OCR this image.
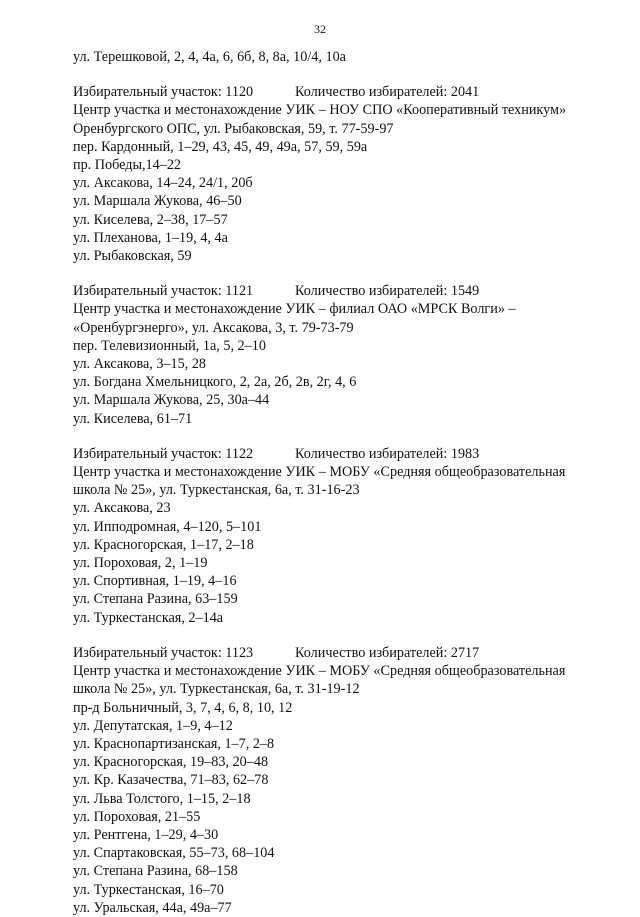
32
ул. Терешковой, 2, 4, 4а, 6, 6б, 8, 8а, 10/4, 10а
Избирательный участок: 1120	Количество избирателей: 2041
Центр участка и местонахождение УИК – НОУ СПО «Кооперативный техникум»
Оренбургского ОПС, ул. Рыбаковская, 59, т. 77-59-97
пер. Кардонный, 1–29, 43, 45, 49, 49а, 57, 59, 59а
пр. Победы,14–22
ул. Аксакова, 14–24, 24/1, 20б
ул. Маршала Жукова, 46–50
ул. Киселева, 2–38, 17–57
ул. Плеханова, 1–19, 4, 4а
ул. Рыбаковская, 59
Избирательный участок: 1121	Количество избирателей: 1549
Центр участка и местонахождение УИК – филиал ОАО «МРСК Волги» –
«Оренбургэнерго», ул. Аксакова, 3, т. 79-73-79
пер. Телевизионный, 1а, 5, 2–10
ул. Аксакова, 3–15, 28
ул. Богдана Хмельницкого, 2, 2а, 2б, 2в, 2г, 4, 6
ул. Маршала Жукова, 25, 30а–44
ул. Киселева, 61–71
Избирательный участок: 1122	Количество избирателей: 1983
Центр участка и местонахождение УИК – МОБУ «Средняя общеобразовательная
школа № 25», ул. Туркестанская, 6а, т. 31-16-23
ул. Аксакова, 23
ул. Ипподромная, 4–120, 5–101
ул. Красногорская, 1–17, 2–18
ул. Пороховая, 2, 1–19
ул. Спортивная, 1–19, 4–16
ул. Степана Разина, 63–159
ул. Туркестанская, 2–14а
Избирательный участок: 1123	Количество избирателей: 2717
Центр участка и местонахождение УИК – МОБУ «Средняя общеобразовательная
школа № 25», ул. Туркестанская, 6а, т. 31-19-12
пр-д Больничный, 3, 7, 4, 6, 8, 10, 12
ул. Депутатская, 1–9, 4–12
ул. Краснопартизанская, 1–7, 2–8
ул. Красногорская, 19–83, 20–48
ул. Кр. Казачества, 71–83, 62–78
ул. Льва Толстого, 1–15, 2–18
ул. Пороховая, 21–55
ул. Рентгена, 1–29, 4–30
ул. Спартаковская, 55–73, 68–104
ул. Степана Разина, 68–158
ул. Туркестанская, 16–70
ул. Уральская, 44а, 49а–77
